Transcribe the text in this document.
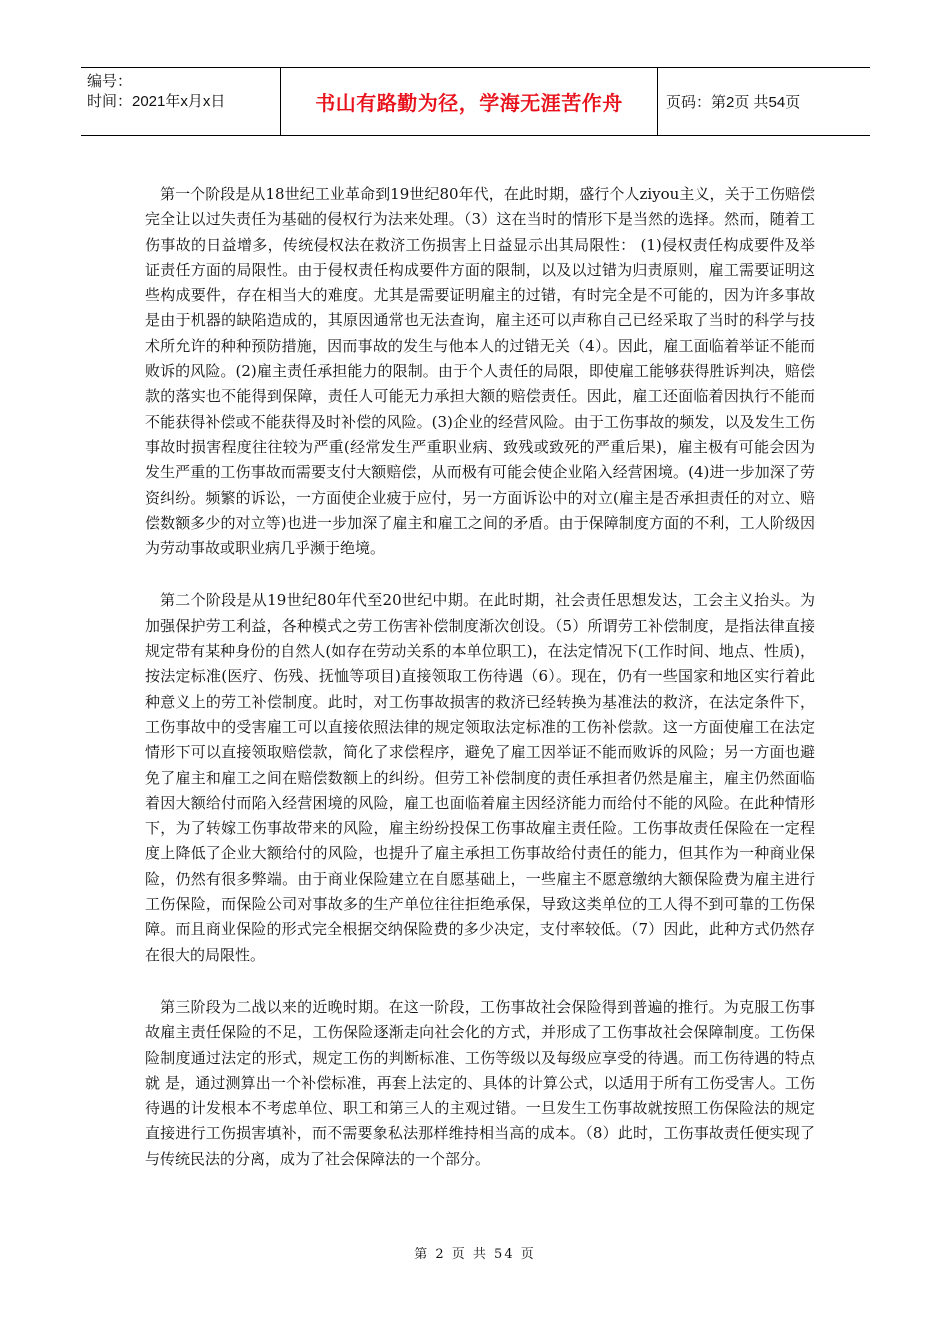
编号：
时间：2021年x月x日	书山有路勤为径，学海无涯苦作舟	页码：第2页 共54页

第一个阶段是从18世纪工业革命到19世纪80年代，在此时期，盛行个人ziyou主义，关于工伤赔偿完全让以过失责任为基础的侵权行为法来处理。（3）这在当时的情形下是当然的选择。然而，随着工伤事故的日益增多，传统侵权法在救济工伤损害上日益显示出其局限性： (1)侵权责任构成要件及举证责任方面的局限性。由于侵权责任构成要件方面的限制，以及以过错为归责原则，雇工需要证明这些构成要件，存在相当大的难度。尤其是需要证明雇主的过错，有时完全是不可能的，因为许多事故是由于机器的缺陷造成的，其原因通常也无法查询，雇主还可以声称自己已经采取了当时的科学与技术所允许的种种预防措施，因而事故的发生与他本人的过错无关（4）。因此，雇工面临着举证不能而败诉的风险。(2)雇主责任承担能力的限制。由于个人责任的局限，即使雇工能够获得胜诉判决，赔偿款的落实也不能得到保障，责任人可能无力承担大额的赔偿责任。因此，雇工还面临着因执行不能而不能获得补偿或不能获得及时补偿的风险。(3)企业的经营风险。由于工伤事故的频发，以及发生工伤事故时损害程度往往较为严重(经常发生严重职业病、致残或致死的严重后果)，雇主极有可能会因为发生严重的工伤事故而需要支付大额赔偿，从而极有可能会使企业陷入经营困境。(4)进一步加深了劳资纠纷。频繁的诉讼，一方面使企业疲于应付，另一方面诉讼中的对立(雇主是否承担责任的对立、赔偿数额多少的对立等)也进一步加深了雇主和雇工之间的矛盾。由于保障制度方面的不利，工人阶级因为劳动事故或职业病几乎濒于绝境。

第二个阶段是从19世纪80年代至20世纪中期。在此时期，社会责任思想发达，工会主义抬头。为加强保护劳工利益，各种模式之劳工伤害补偿制度渐次创设。（5）所谓劳工补偿制度，是指法律直接规定带有某种身份的自然人(如存在劳动关系的本单位职工)，在法定情况下(工作时间、地点、性质)，按法定标准(医疗、伤残、抚恤等项目)直接领取工伤待遇（6）。现在，仍有一些国家和地区实行着此种意义上的劳工补偿制度。此时，对工伤事故损害的救济已经转换为基准法的救济，在法定条件下，工伤事故中的受害雇工可以直接依照法律的规定领取法定标准的工伤补偿款。这一方面使雇工在法定情形下可以直接领取赔偿款，简化了求偿程序，避免了雇工因举证不能而败诉的风险；另一方面也避免了雇主和雇工之间在赔偿数额上的纠纷。但劳工补偿制度的责任承担者仍然是雇主，雇主仍然面临着因大额给付而陷入经营困境的风险，雇工也面临着雇主因经济能力而给付不能的风险。在此种情形下，为了转嫁工伤事故带来的风险，雇主纷纷投保工伤事故雇主责任险。工伤事故责任保险在一定程度上降低了企业大额给付的风险，也提升了雇主承担工伤事故给付责任的能力，但其作为一种商业保险，仍然有很多弊端。由于商业保险建立在自愿基础上，一些雇主不愿意缴纳大额保险费为雇主进行工伤保险，而保险公司对事故多的生产单位往往拒绝承保，导致这类单位的工人得不到可靠的工伤保障。而且商业保险的形式完全根据交纳保险费的多少决定，支付率较低。（7）因此，此种方式仍然存在很大的局限性。

第三阶段为二战以来的近晚时期。在这一阶段，工伤事故社会保险得到普遍的推行。为克服工伤事故雇主责任保险的不足，工伤保险逐渐走向社会化的方式，并形成了工伤事故社会保障制度。工伤保险制度通过法定的形式，规定工伤的判断标准、工伤等级以及每级应享受的待遇。而工伤待遇的特点就 是，通过测算出一个补偿标准，再套上法定的、具体的计算公式，以适用于所有工伤受害人。工伤待遇的计发根本不考虑单位、职工和第三人的主观过错。一旦发生工伤事故就按照工伤保险法的规定直接进行工伤损害填补，而不需要象私法那样维持相当高的成本。（8）此时，工伤事故责任便实现了与传统民法的分离，成为了社会保障法的一个部分。

第 2 页 共 54 页
